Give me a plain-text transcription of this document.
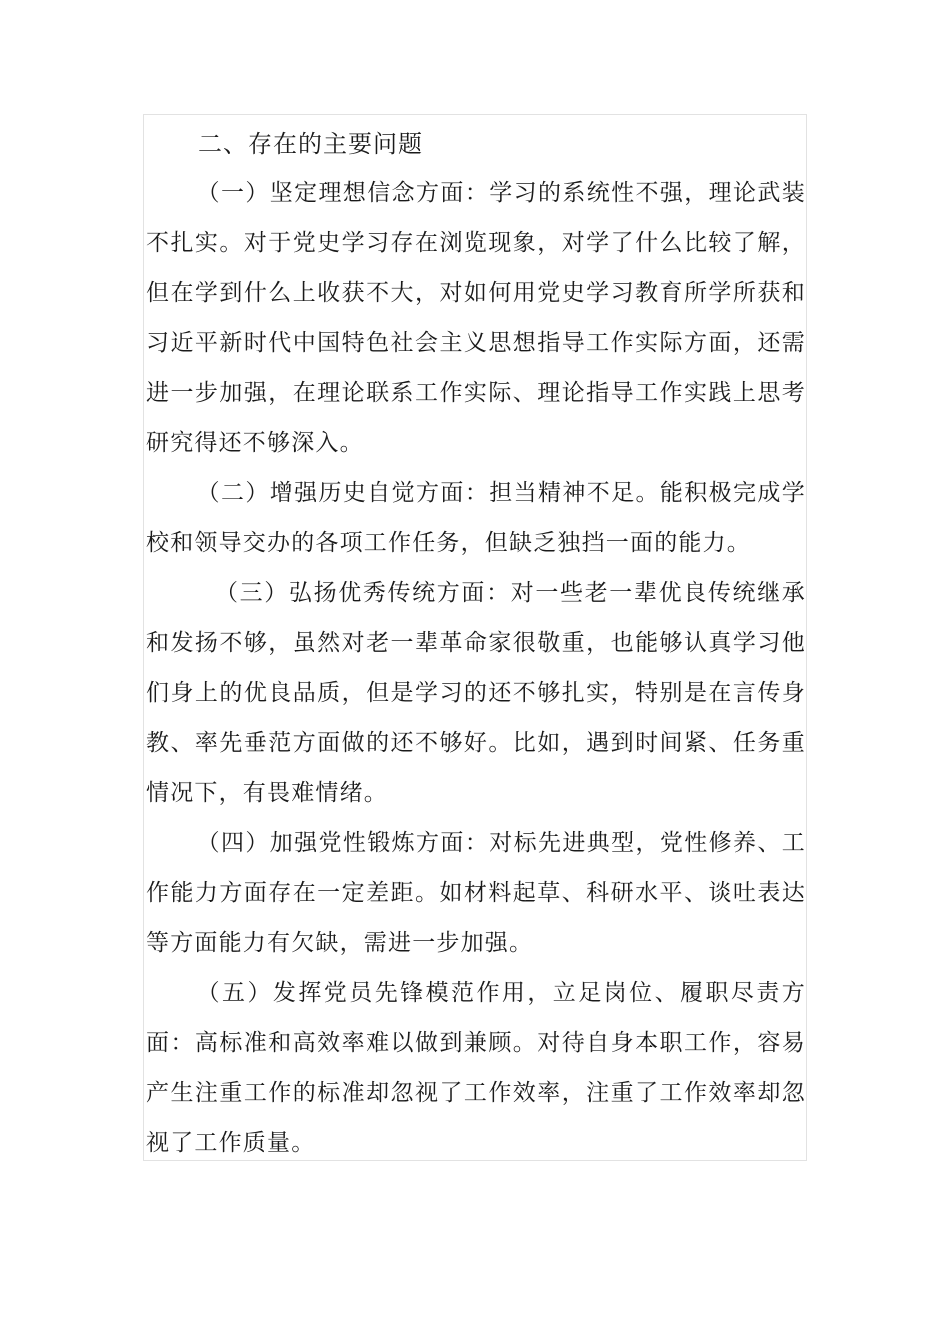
二、存在的主要问题

（一）坚定理想信念方面：学习的系统性不强，理论武装不扎实。对于党史学习存在浏览现象，对学了什么比较了解，但在学到什么上收获不大，对如何用党史学习教育所学所获和习近平新时代中国特色社会主义思想指导工作实际方面，还需进一步加强，在理论联系工作实际、理论指导工作实践上思考研究得还不够深入。

（二）增强历史自觉方面：担当精神不足。能积极完成学校和领导交办的各项工作任务，但缺乏独挡一面的能力。

（三）弘扬优秀传统方面：对一些老一辈优良传统继承和发扬不够，虽然对老一辈革命家很敬重，也能够认真学习他们身上的优良品质，但是学习的还不够扎实，特别是在言传身教、率先垂范方面做的还不够好。比如，遇到时间紧、任务重情况下，有畏难情绪。

（四）加强党性锻炼方面：对标先进典型，党性修养、工作能力方面存在一定差距。如材料起草、科研水平、谈吐表达等方面能力有欠缺，需进一步加强。

（五）发挥党员先锋模范作用，立足岗位、履职尽责方面：高标准和高效率难以做到兼顾。对待自身本职工作，容易产生注重工作的标准却忽视了工作效率，注重了工作效率却忽视了工作质量。
